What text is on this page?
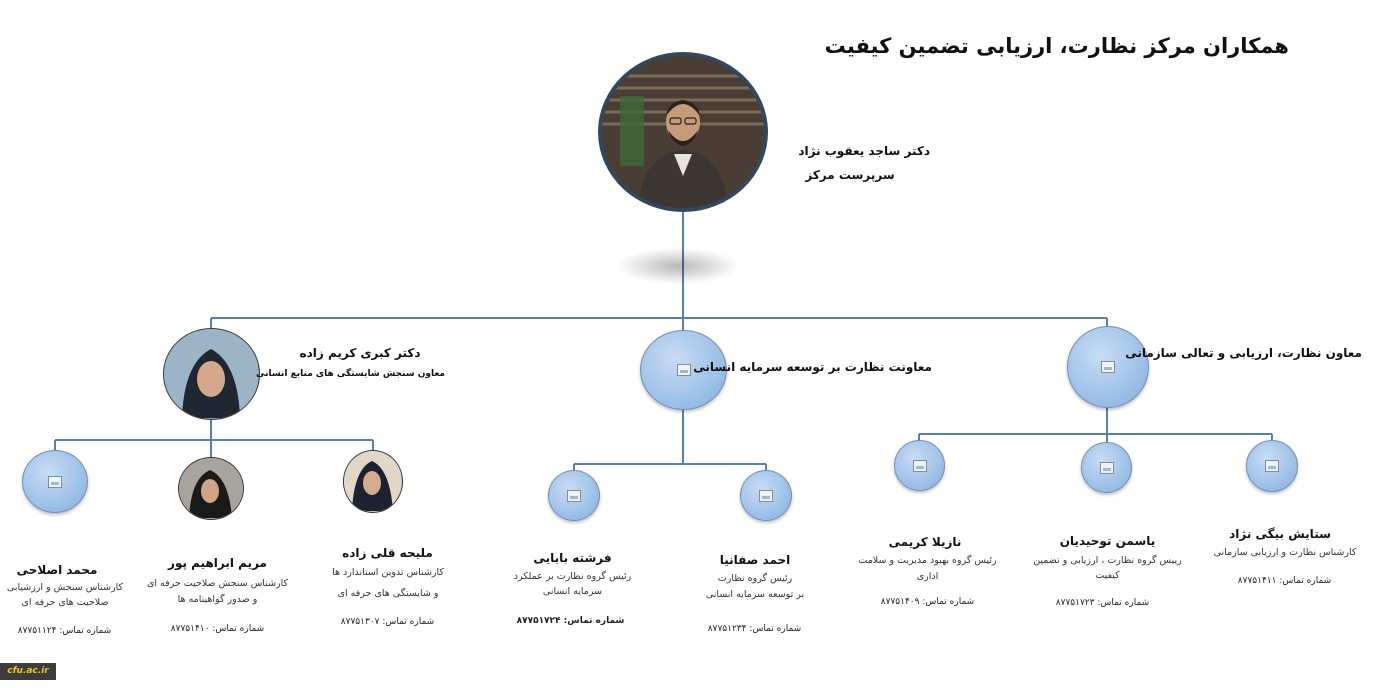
همکاران مرکز نظارت، ارزیابی تضمین کیفیت
دکتر ساجد یعقوب نژاد
سرپرست مرکز
دکتر کبری کریم زاده
معاون سنجش شایستگی های منابع انسانی
محمد اصلاحی
کارشناس سنجش و ارزشیابی
صلاحیت های حرفه ای
شماره تماس: ۸۷۷۵۱۱۲۴
مریم ابراهیم پور
کارشناس سنجش صلاحیت حرفه ای
و صدور گواهینامه ها
شماره تماس: ۸۷۷۵۱۴۱۰
ملیحه قلی زاده
کارشناس تدوین استاندارد ها
و شایستگی های حرفه ای
شماره تماس: ۸۷۷۵۱۳۰۷
معاونت نظارت بر توسعه سرمایه انسانی
فرشته بابایی
رئیس گروه نظارت بر عملکرد
سرمایه انسانی
شماره تماس: ۸۷۷۵۱۷۲۴
احمد صفانیا
رئیس گروه نظارت
بر توسعه سرمایه انسانی
شماره تماس: ۸۷۷۵۱۲۳۴
معاون نظارت، ارزیابی و تعالی سازمانی
نازیلا کریمی
رئیس گروه بهبود مدیریت و سلامت
اداری
شماره تماس: ۸۷۷۵۱۴۰۹
یاسمن توحیدیان
رییس گروه نظارت ، ارزیابی و تضمین
کیفیت
شماره تماس: ۸۷۷۵۱۷۲۳
ستایش بیگی نژاد
کارشناس نظارت و ارزیابی سازمانی
شماره تماس: ۸۷۷۵۱۴۱۱
cfu.ac.ir
